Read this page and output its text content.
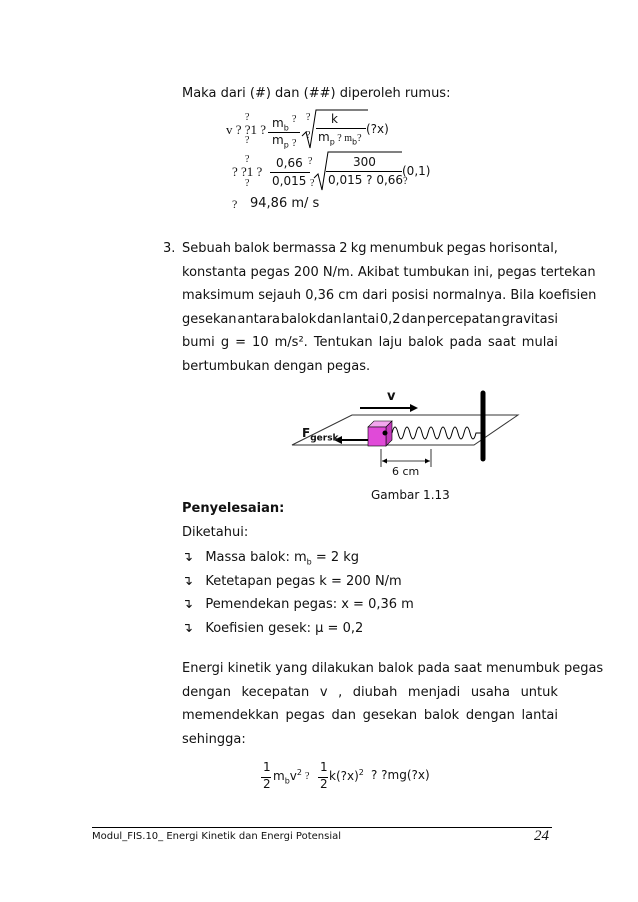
Maka dari (#) dan (##) diperoleh rumus:
v ? ?1 ?
?
?
$m_b$
?
$m_p$ ?
?
?
k
$m_p$ ? $m_b$?
(?x)
? ?1 ?
?
?
0,66 ?
0,015 ?
300
0,015 ? 0,66?
(0,1)
? 94,86 m/ s
3. Sebuah balok bermassa 2 kg menumbuk pegas horisontal,
konstanta pegas 200 N/m. Akibat tumbukan ini, pegas tertekan
maksimum sejauh 0,36 cm dari posisi normalnya. Bila koefisien
gesekan antara balok dan lantai 0,2 dan percepatan gravitasi
bumi g = 10 m/s². Tentukan laju balok pada saat mulai
bertumbukan dengan pegas.
v
$F_{gersk}$
6 cm
Gambar 1.13
Penyelesaian:
Diketahui:
↴ Massa balok: $m_b = 2$ kg
↴ Ketetapan pegas k = 200 N/m
↴ Pemendekan pegas: x = 0,36 m
↴ Koefisien gesek: µ = 0,2
Energi kinetik yang dilakukan balok pada saat menumbuk pegas
dengan kecepatan v , diubah menjadi usaha untuk
memendekkan pegas dan gesekan balok dengan lantai
sehingga:
1
2
$m_bv^2$ ?
1
2
k(?x)$^2$ ? ?mg(?x)
Modul_FIS.10_ Energi Kinetik dan Energi Potensial	24
